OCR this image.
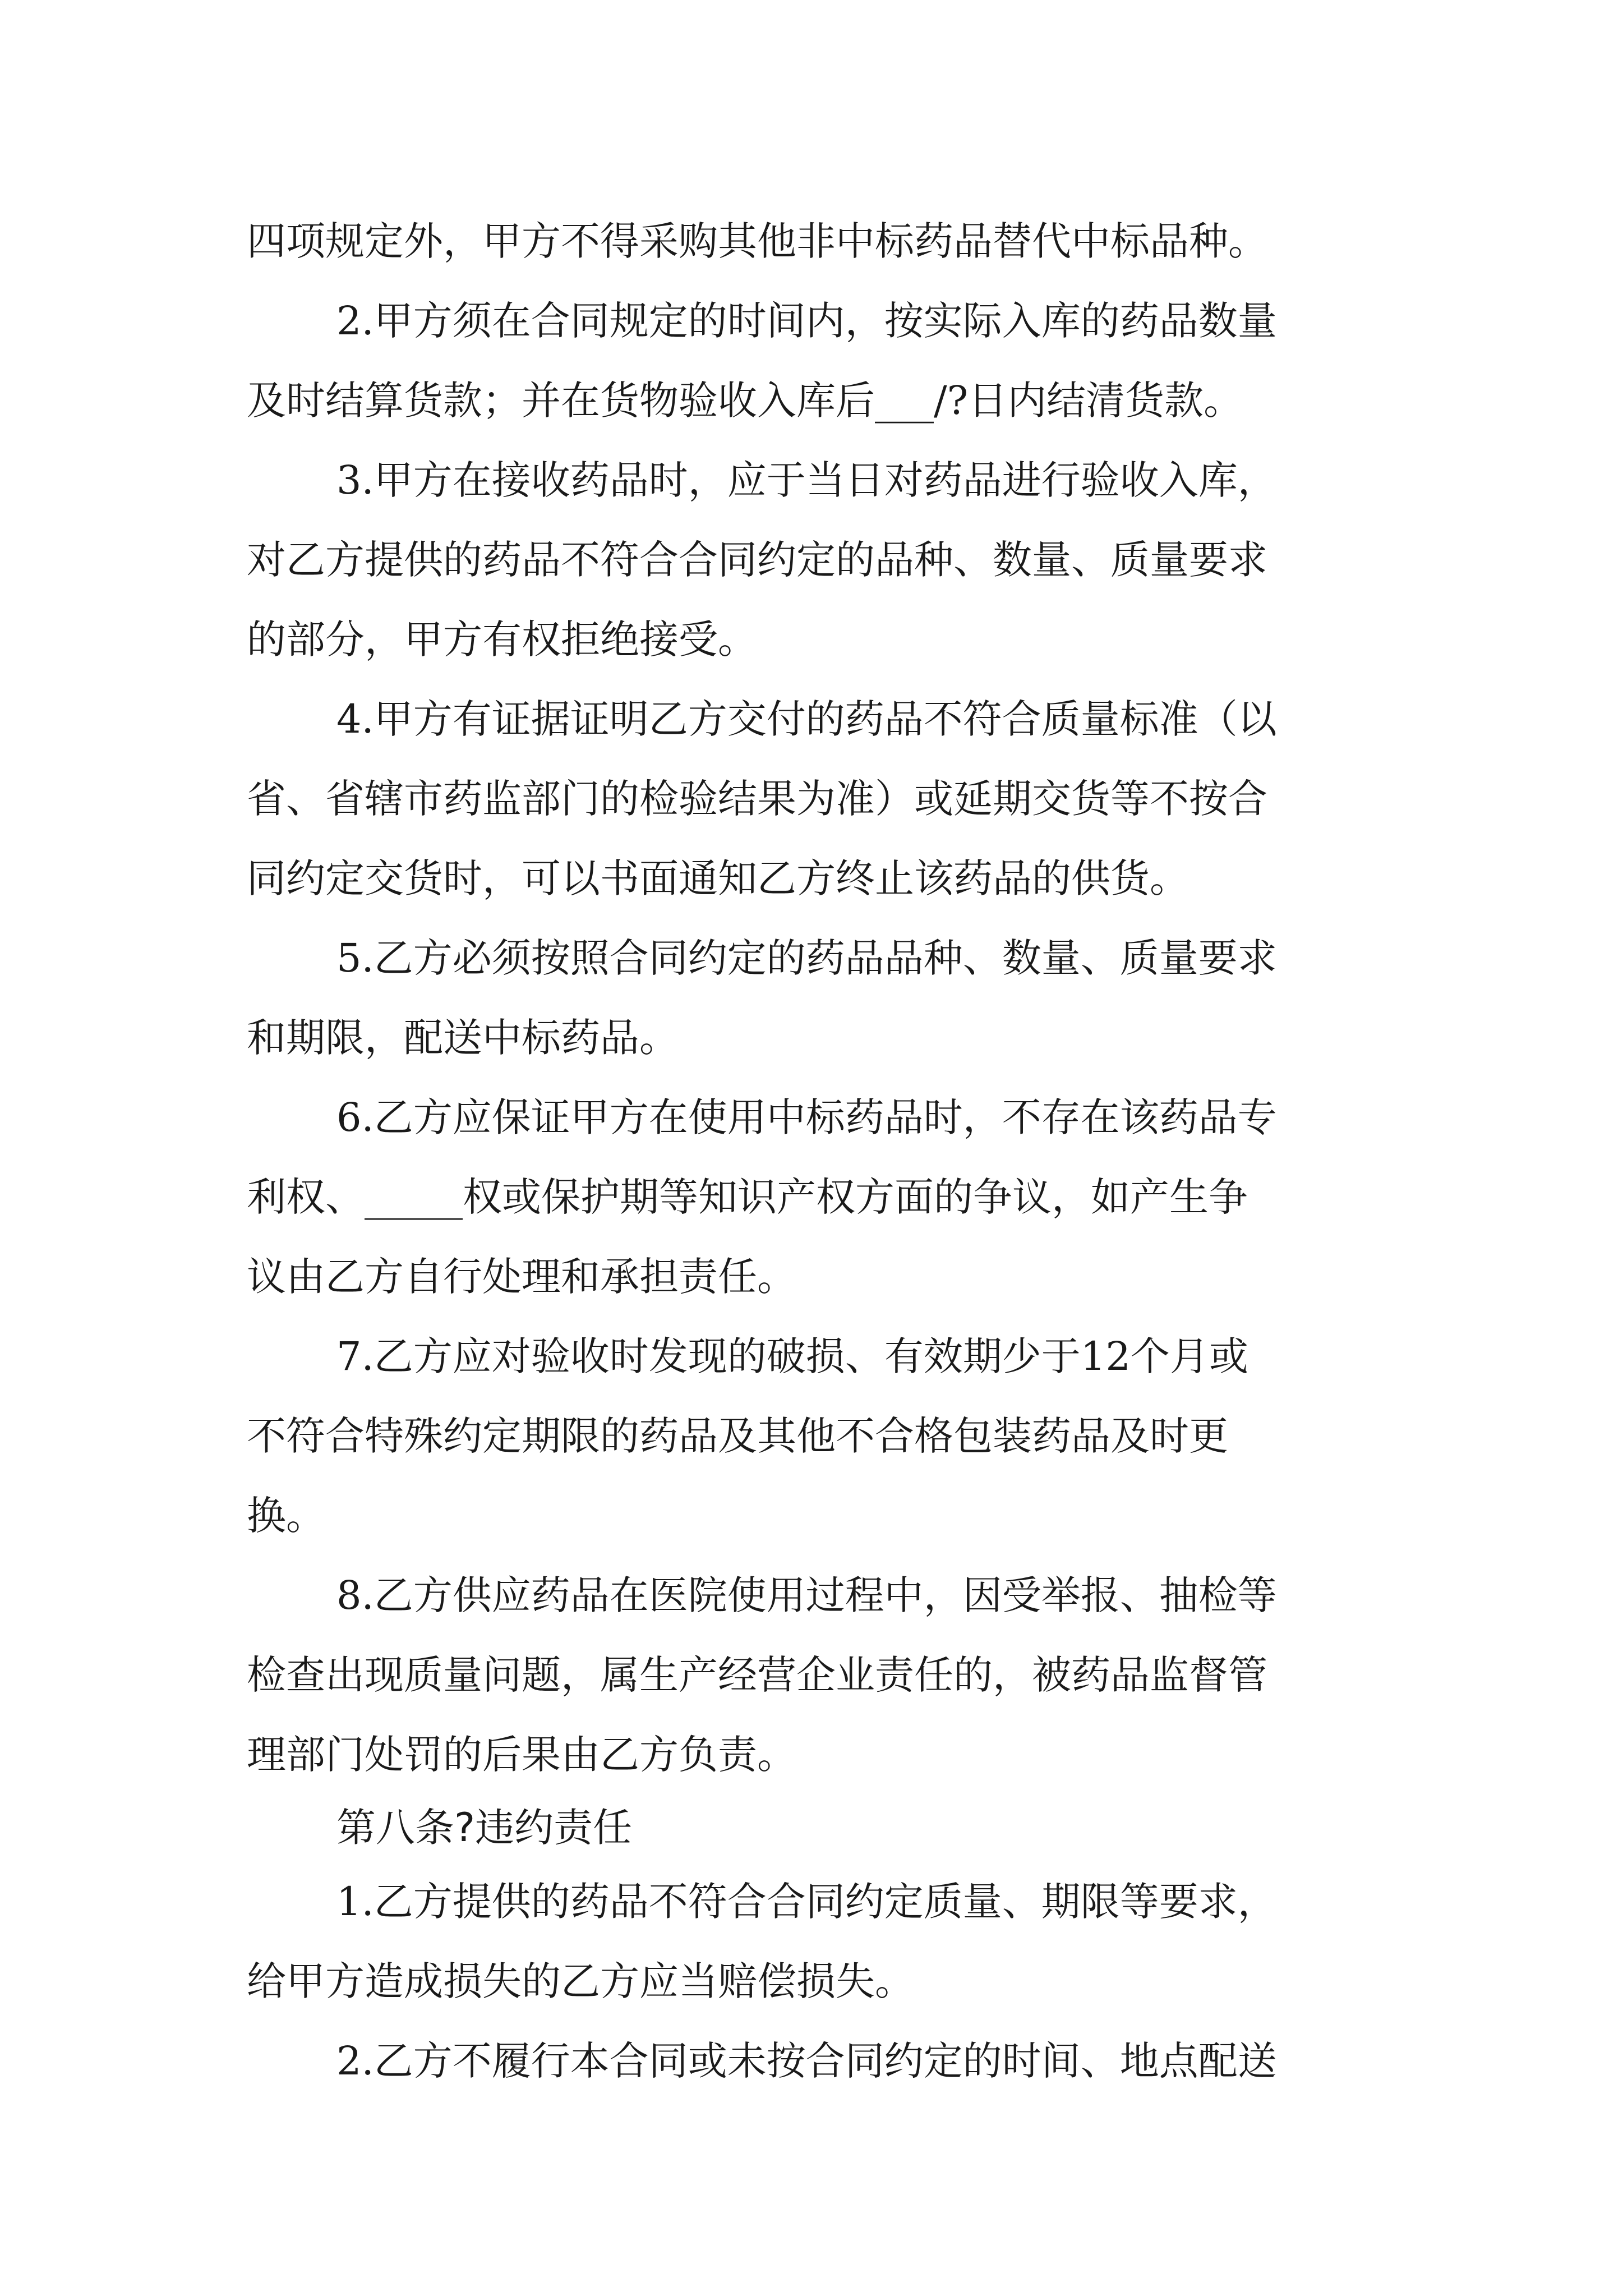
四项规定外，甲方不得采购其他非中标药品替代中标品种。
2.甲方须在合同规定的时间内，按实际入库的药品数量
及时结算货款；并在货物验收入库后___/?日内结清货款。
3.甲方在接收药品时，应于当日对药品进行验收入库，
对乙方提供的药品不符合合同约定的品种、数量、质量要求
的部分，甲方有权拒绝接受。
4.甲方有证据证明乙方交付的药品不符合质量标准（以
省、省辖市药监部门的检验结果为准）或延期交货等不按合
同约定交货时，可以书面通知乙方终止该药品的供货。
5.乙方必须按照合同约定的药品品种、数量、质量要求
和期限，配送中标药品。
6.乙方应保证甲方在使用中标药品时，不存在该药品专
利权、_____权或保护期等知识产权方面的争议，如产生争
议由乙方自行处理和承担责任。
7.乙方应对验收时发现的破损、有效期少于12个月或
不符合特殊约定期限的药品及其他不合格包装药品及时更
换。
8.乙方供应药品在医院使用过程中，因受举报、抽检等
检查出现质量问题，属生产经营企业责任的，被药品监督管
理部门处罚的后果由乙方负责。
第八条?违约责任
1.乙方提供的药品不符合合同约定质量、期限等要求，
给甲方造成损失的乙方应当赔偿损失。
2.乙方不履行本合同或未按合同约定的时间、地点配送
